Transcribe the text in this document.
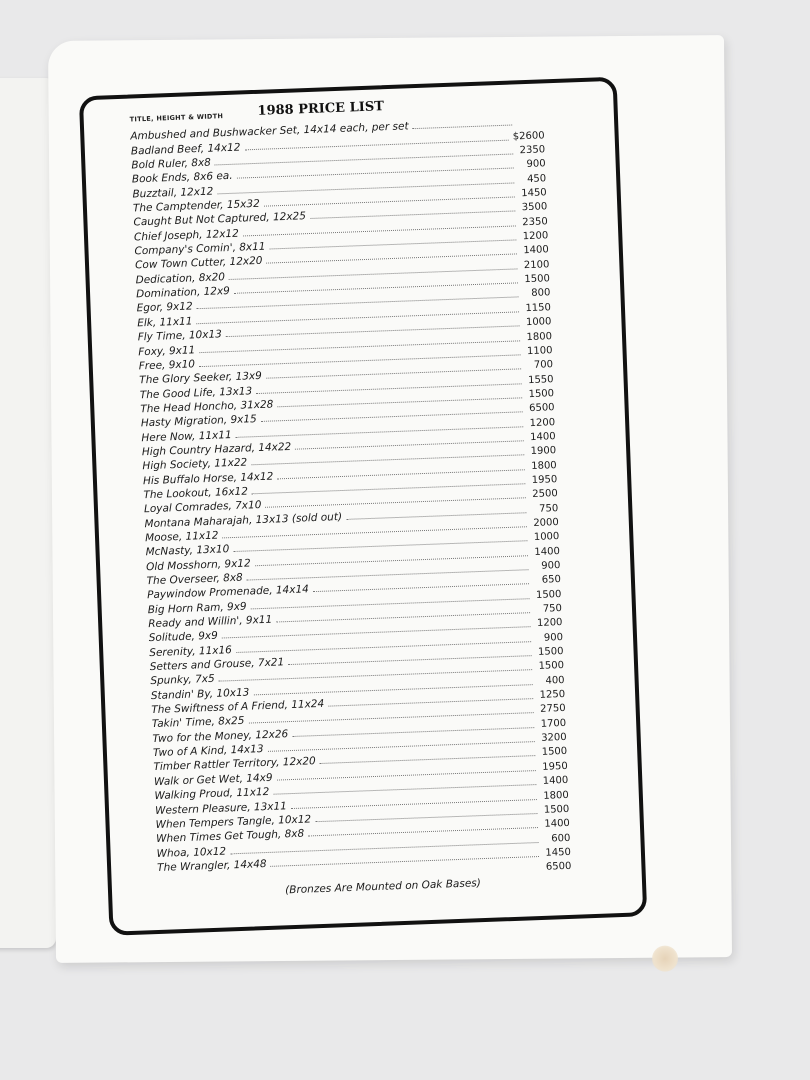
TITLE, HEIGHT & WIDTH	1988 PRICE LIST
Ambushed and Bushwacker Set, 14x14 each, per set
Badland Beef, 14x12
$2600
Bold Ruler, 8x8
2350
Book Ends, 8x6 ea.
900
Buzztail, 12x12
450
The Camptender, 15x32
1450
Caught But Not Captured, 12x25
3500
Chief Joseph, 12x12
2350
Company's Comin', 8x11
1200
Cow Town Cutter, 12x20
1400
Dedication, 8x20
2100
Domination, 12x9
1500
Egor, 9x12
800
Elk, 11x11
1150
Fly Time, 10x13
1000
Foxy, 9x11
1800
Free, 9x10
1100
The Glory Seeker, 13x9
700
The Good Life, 13x13
1550
The Head Honcho, 31x28
1500
Hasty Migration, 9x15
6500
Here Now, 11x11
1200
High Country Hazard, 14x22
1400
High Society, 11x22
1900
His Buffalo Horse, 14x12
1800
The Lookout, 16x12
1950
Loyal Comrades, 7x10
2500
Montana Maharajah, 13x13 (sold out)
750
Moose, 11x12
2000
McNasty, 13x10
1000
Old Mosshorn, 9x12
1400
The Overseer, 8x8
900
Paywindow Promenade, 14x14
650
Big Horn Ram, 9x9
1500
Ready and Willin', 9x11
750
Solitude, 9x9
1200
Serenity, 11x16
900
Setters and Grouse, 7x21
1500
Spunky, 7x5
1500
Standin' By, 10x13
400
The Swiftness of A Friend, 11x24
1250
Takin' Time, 8x25
2750
Two for the Money, 12x26
1700
Two of A Kind, 14x13
3200
Timber Rattler Territory, 12x20
1500
Walk or Get Wet, 14x9
1950
Walking Proud, 11x12
1400
Western Pleasure, 13x11
1800
When Tempers Tangle, 10x12
1500
When Times Get Tough, 8x8
1400
Whoa, 10x12
600
The Wrangler, 14x48
1450
6500
(Bronzes Are Mounted on Oak Bases)
